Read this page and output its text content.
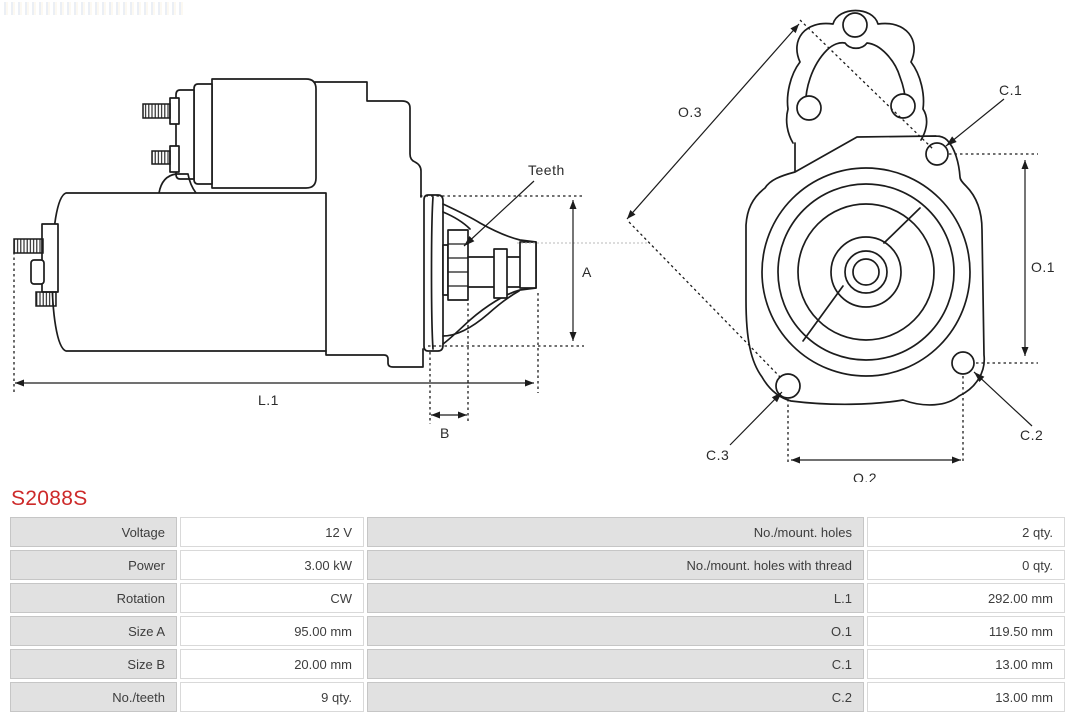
Teeth
A
B
L.1
O.3
O.1
O.2
C.1
C.2
C.3
S2088S
Voltage	12 V	No./mount. holes	2 qty.
Power	3.00 kW	No./mount. holes with thread	0 qty.
Rotation	CW	L.1	292.00 mm
Size A	95.00 mm	O.1	119.50 mm
Size B	20.00 mm	C.1	13.00 mm
No./teeth	9 qty.	C.2	13.00 mm
